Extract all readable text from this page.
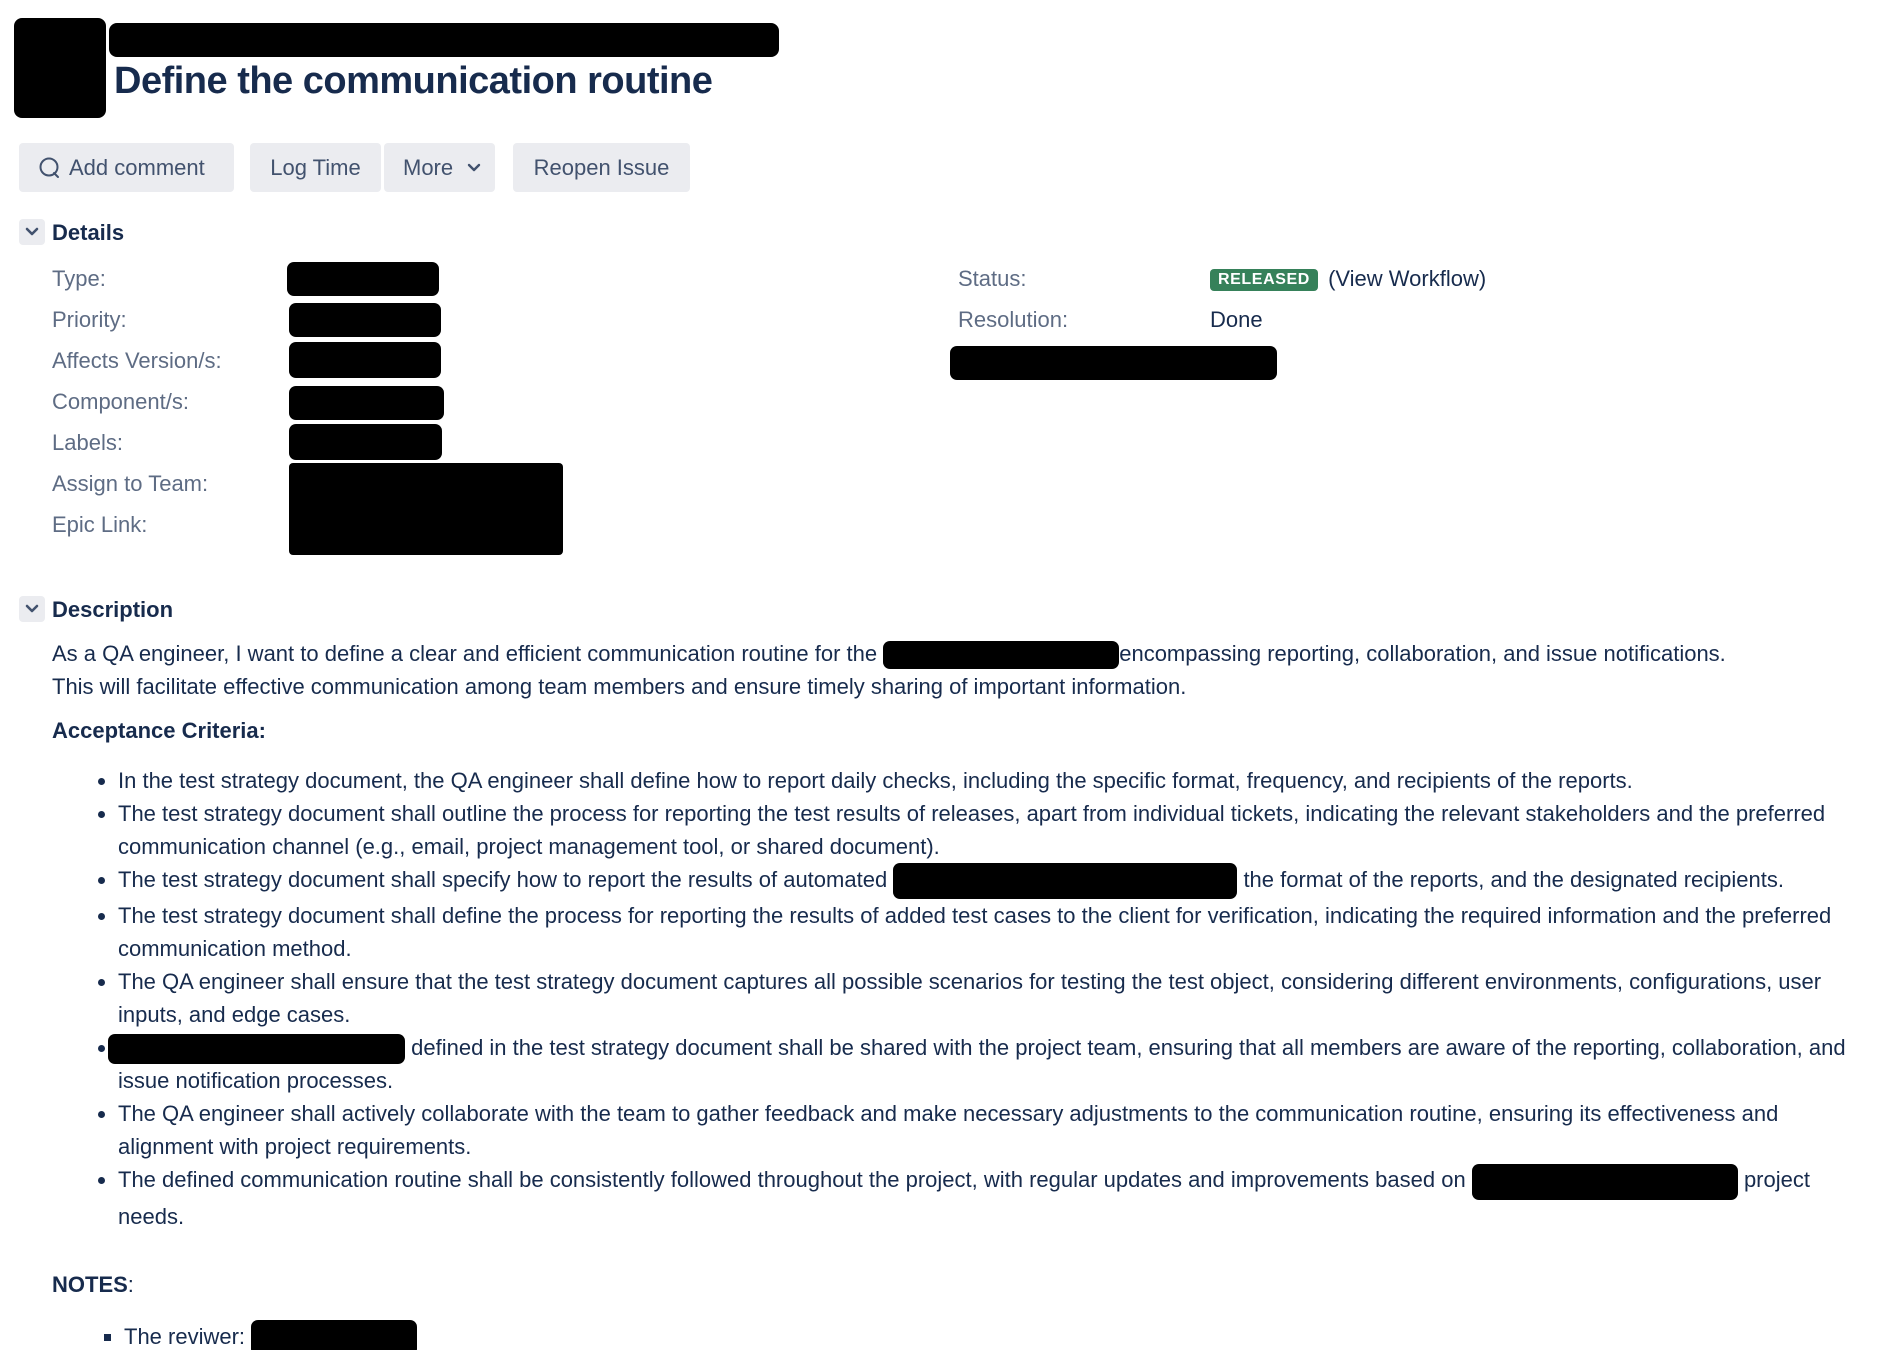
Define the communication routine
Add comment	Log Time	More	Reopen Issue
Details
Type:
Priority:
Affects Version/s:
Component/s:
Labels:
Assign to Team:
Epic Link:
Status:	RELEASED (View Workflow)
Resolution:	Done
Description

As a QA engineer, I want to define a clear and efficient communication routine for the	encompassing reporting, collaboration, and issue notifications.

This will facilitate effective communication among team members and ensure timely sharing of important information.

Acceptance Criteria:
• In the test strategy document, the QA engineer shall define how to report daily checks, including the specific format, frequency, and recipients of the reports.
• The test strategy document shall outline the process for reporting the test results of releases, apart from individual tickets, indicating the relevant stakeholders and the preferred communication channel (e.g., email, project management tool, or shared document).
• The test strategy document shall specify how to report the results of automated	the format of the reports, and the designated recipients.
• The test strategy document shall define the process for reporting the results of added test cases to the client for verification, indicating the required information and the preferred communication method.
• The QA engineer shall ensure that the test strategy document captures all possible scenarios for testing the test object, considering different environments, configurations, user inputs, and edge cases.
• defined in the test strategy document shall be shared with the project team, ensuring that all members are aware of the reporting, collaboration, and issue notification processes.
• The QA engineer shall actively collaborate with the team to gather feedback and make necessary adjustments to the communication routine, ensuring its effectiveness and alignment with project requirements.
• The defined communication routine shall be consistently followed throughout the project, with regular updates and improvements based on	project needs.
NOTES:
▪ The reviwer:
